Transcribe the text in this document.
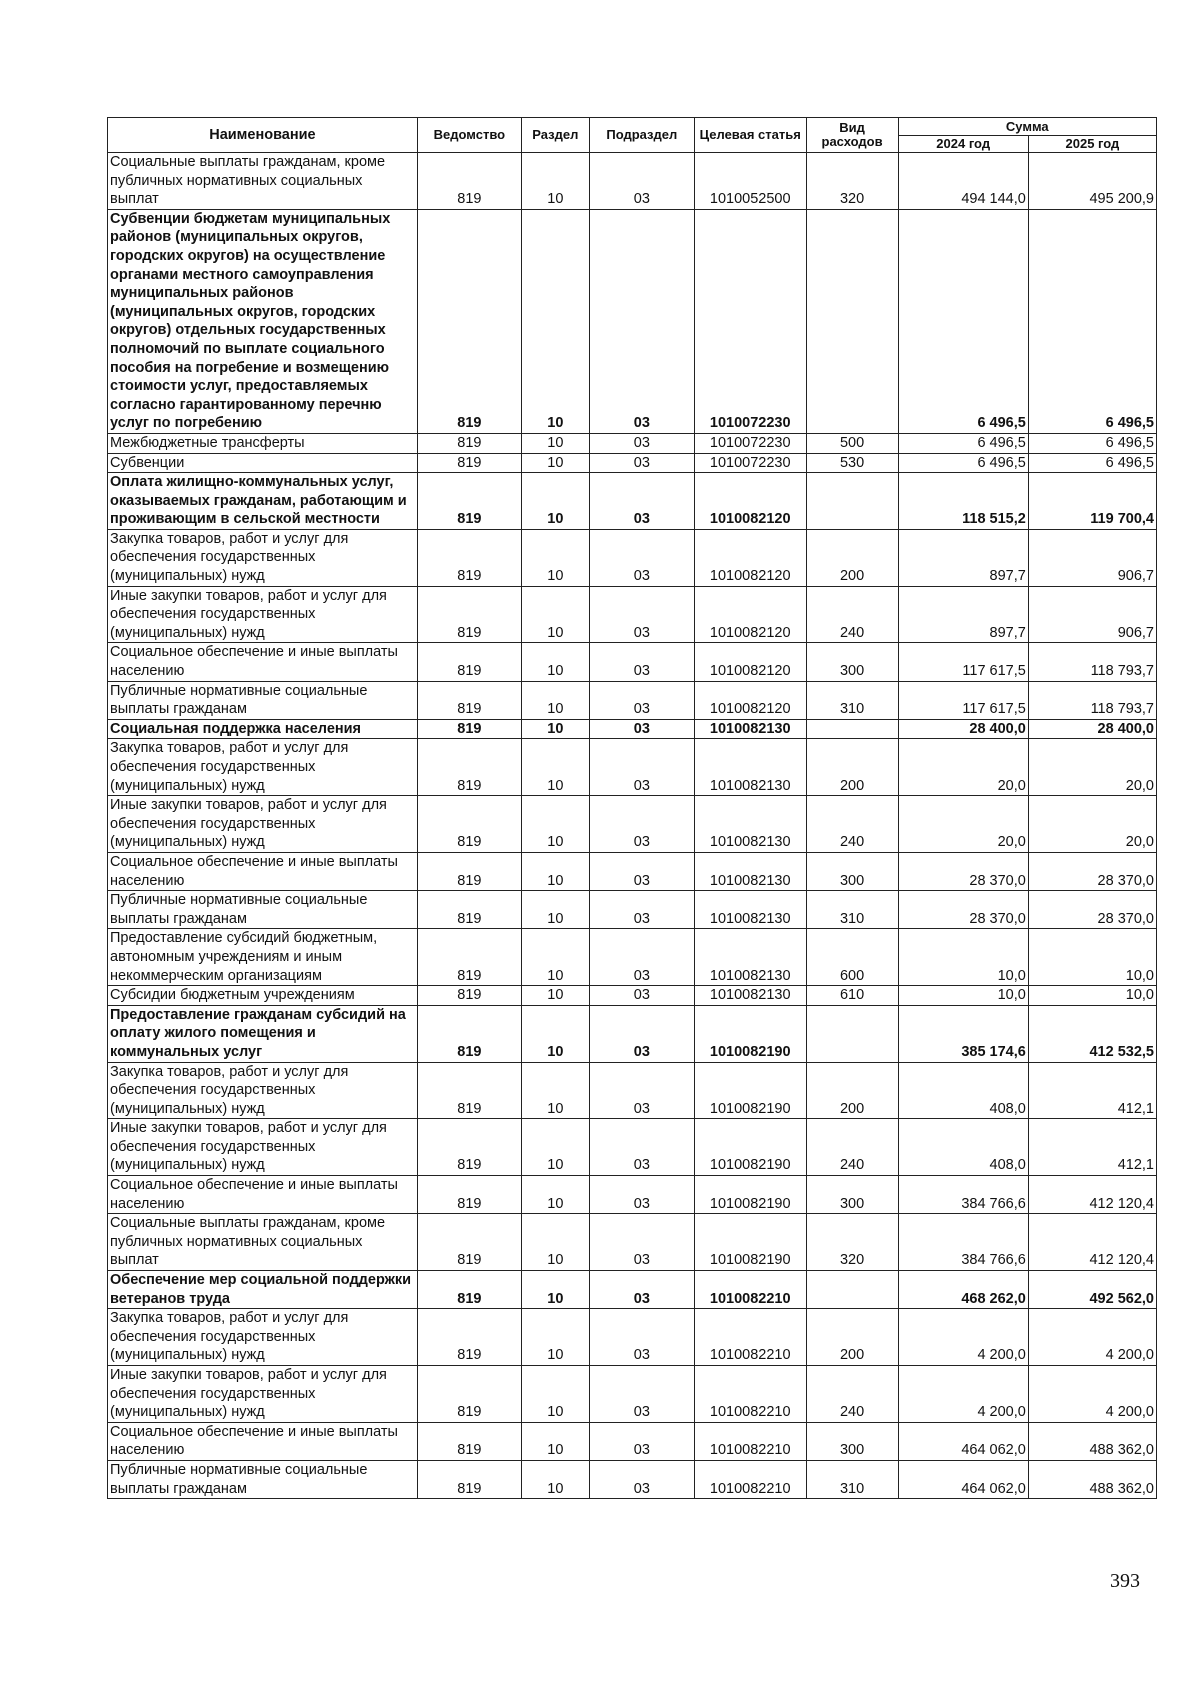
Наименование	Ведомство	Раздел	Подраздел	Целевая статья	Вид расходов	Сумма	
						2024 год	2025 год
Социальные выплаты гражданам, кроме публичных нормативных социальных выплат	819	10	03	1010052500	320	494 144,0	495 200,9
Субвенции бюджетам муниципальных районов (муниципальных округов, городских округов) на осуществление органами местного самоуправления муниципальных районов (муниципальных округов, городских округов) отдельных государственных полномочий по выплате социального пособия на погребение и возмещению стоимости услуг, предоставляемых согласно гарантированному перечню услуг по погребению	819	10	03	1010072230		6 496,5	6 496,5
Межбюджетные трансферты	819	10	03	1010072230	500	6 496,5	6 496,5
Субвенции	819	10	03	1010072230	530	6 496,5	6 496,5
Оплата жилищно-коммунальных услуг, оказываемых гражданам, работающим и проживающим в сельской местности	819	10	03	1010082120		118 515,2	119 700,4
Закупка товаров, работ и услуг для обеспечения государственных (муниципальных) нужд	819	10	03	1010082120	200	897,7	906,7
Иные закупки товаров, работ и услуг для обеспечения государственных (муниципальных) нужд	819	10	03	1010082120	240	897,7	906,7
Социальное обеспечение и иные выплаты населению	819	10	03	1010082120	300	117 617,5	118 793,7
Публичные нормативные социальные выплаты гражданам	819	10	03	1010082120	310	117 617,5	118 793,7
Социальная поддержка населения	819	10	03	1010082130		28 400,0	28 400,0
Закупка товаров, работ и услуг для обеспечения государственных (муниципальных) нужд	819	10	03	1010082130	200	20,0	20,0
Иные закупки товаров, работ и услуг для обеспечения государственных (муниципальных) нужд	819	10	03	1010082130	240	20,0	20,0
Социальное обеспечение и иные выплаты населению	819	10	03	1010082130	300	28 370,0	28 370,0
Публичные нормативные социальные выплаты гражданам	819	10	03	1010082130	310	28 370,0	28 370,0
Предоставление субсидий бюджетным, автономным учреждениям и иным некоммерческим организациям	819	10	03	1010082130	600	10,0	10,0
Субсидии бюджетным учреждениям	819	10	03	1010082130	610	10,0	10,0
Предоставление гражданам субсидий на оплату жилого помещения и коммунальных услуг	819	10	03	1010082190		385 174,6	412 532,5
Закупка товаров, работ и услуг для обеспечения государственных (муниципальных) нужд	819	10	03	1010082190	200	408,0	412,1
Иные закупки товаров, работ и услуг для обеспечения государственных (муниципальных) нужд	819	10	03	1010082190	240	408,0	412,1
Социальное обеспечение и иные выплаты населению	819	10	03	1010082190	300	384 766,6	412 120,4
Социальные выплаты гражданам, кроме публичных нормативных социальных выплат	819	10	03	1010082190	320	384 766,6	412 120,4
Обеспечение мер социальной поддержки ветеранов труда	819	10	03	1010082210		468 262,0	492 562,0
Закупка товаров, работ и услуг для обеспечения государственных (муниципальных) нужд	819	10	03	1010082210	200	4 200,0	4 200,0
Иные закупки товаров, работ и услуг для обеспечения государственных (муниципальных) нужд	819	10	03	1010082210	240	4 200,0	4 200,0
Социальное обеспечение и иные выплаты населению	819	10	03	1010082210	300	464 062,0	488 362,0
Публичные нормативные социальные выплаты гражданам	819	10	03	1010082210	310	464 062,0	488 362,0
393
